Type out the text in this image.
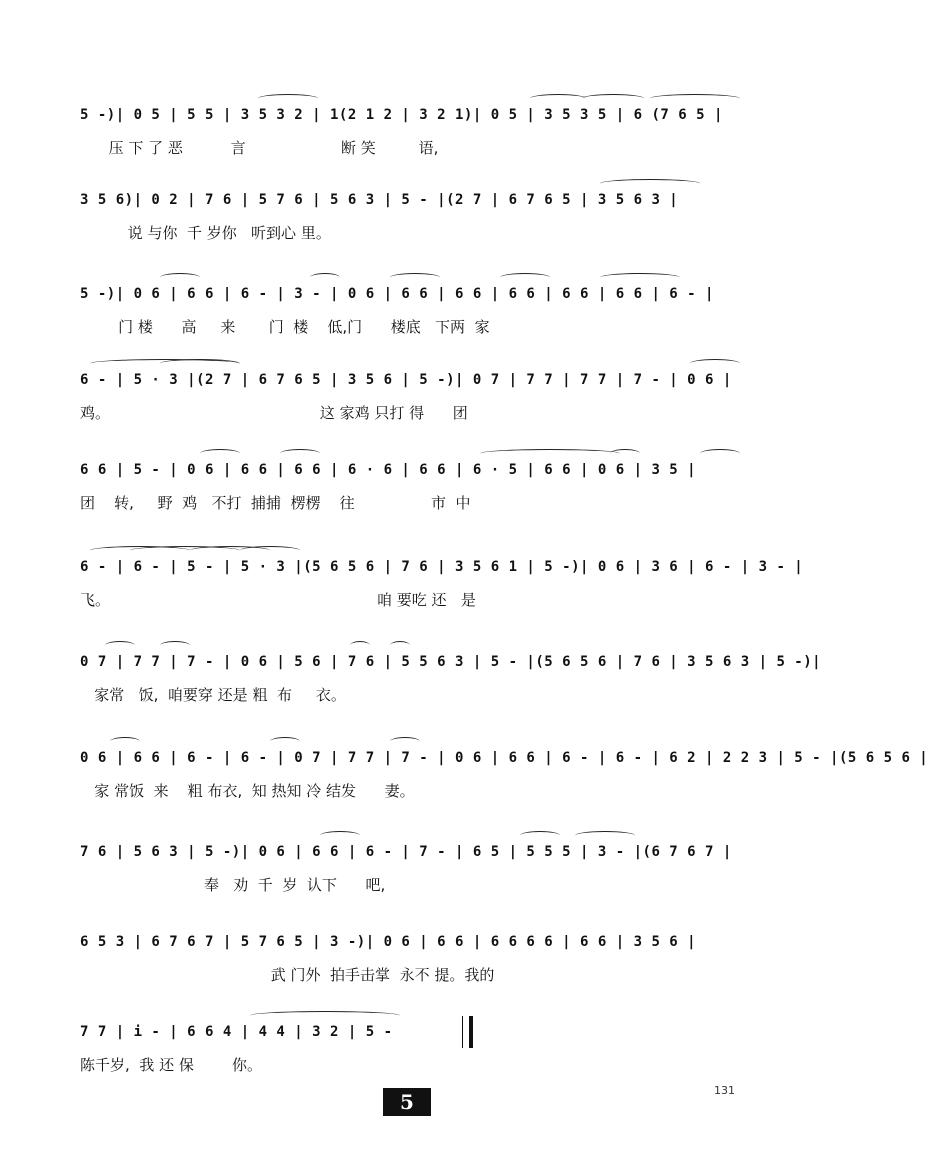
5 -)| 0 5 | 5 5 | 3 5 3 2 | 1(2 1 2 | 3 2 1)| 0 5 | 3 5 3 5 | 6 (7 6 5 |
压 下 了 恶          言                    断 笑         语,
3 5 6)| 0 2 | 7 6 | 5 7 6 | 5 6 3 | 5 - |(2 7 | 6 7 6 5 | 3 5 6 3 |
说 与你  千 岁你   听到心 里。
5 -)| 0 6 | 6 6 | 6 - | 3 - | 0 6 | 6 6 | 6 6 | 6 6 | 6 6 | 6 6 | 6 - |
门 楼      高     来       门  楼    低,门      楼底   下两  家
6 - | 5 · 3 |(2 7 | 6 7 6 5 | 3 5 6 | 5 -)| 0 7 | 7 7 | 7 7 | 7 - | 0 6 |
鸡。                                            这 家鸡 只打 得      团
6 6 | 5 - | 0 6 | 6 6 | 6 6 | 6 · 6 | 6 6 | 6 · 5 | 6 6 | 0 6 | 3 5 |
团    转,     野  鸡   不打  捕捕  楞楞    往                市  中
6 - | 6 - | 5 - | 5 · 3 |(5 6 5 6 | 7 6 | 3 5 6 1 | 5 -)| 0 6 | 3 6 | 6 - | 3 - |
飞。                                                        咱 要吃 还   是
0 7 | 7 7 | 7 - | 0 6 | 5 6 | 7 6 | 5 5 6 3 | 5 - |(5 6 5 6 | 7 6 | 3 5 6 3 | 5 -)|
家常   饭,  咱要穿 还是 粗  布     衣。
0 6 | 6 6 | 6 - | 6 - | 0 7 | 7 7 | 7 - | 0 6 | 6 6 | 6 - | 6 - | 6 2 | 2 2 3 | 5 - |(5 6 5 6 |
家 常饭  来    粗 布衣,  知 热知 冷 结发      妻。
7 6 | 5 6 3 | 5 -)| 0 6 | 6 6 | 6 - | 7 - | 6 5 | 5 5 5 | 3 - |(6 7 6 7 |
奉   劝  千  岁  认下      吧,
6 5 3 | 6 7 6 7 | 5 7 6 5 | 3 -)| 0 6 | 6 6 | 6 6 6 6 | 6 6 | 3 5 6 |
武 门外  拍手击掌  永不 提。我的
7 7 | i - | 6 6 4 | 4 4 | 3 2 | 5 -
陈千岁,  我 还 保        你。
5	131
